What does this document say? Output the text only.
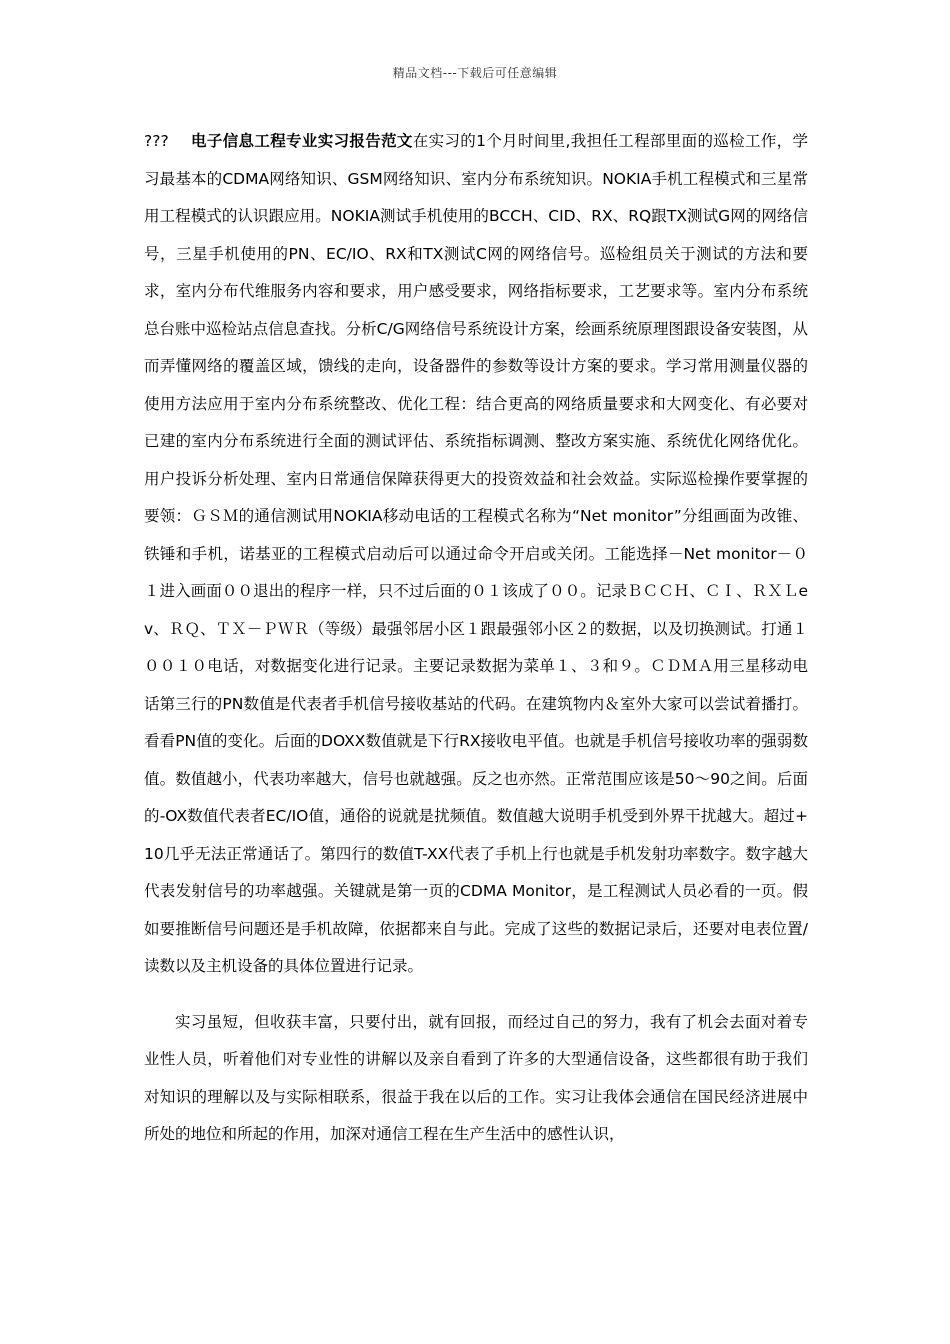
精品文档---下载后可任意编辑

??? 电子信息工程专业实习报告范文在实习的1个月时间里,我担任工程部里面的巡检工作，学习最基本的CDMA网络知识、GSM网络知识、室内分布系统知识。NOKIA手机工程模式和三星常用工程模式的认识跟应用。NOKIA测试手机使用的BCCH、CID、RX、RQ跟TX测试G网的网络信号，三星手机使用的PN、EC/IO、RX和TX测试C网的网络信号。巡检组员关于测试的方法和要求，室内分布代维服务内容和要求，用户感受要求，网络指标要求，工艺要求等。室内分布系统总台账中巡检站点信息查找。分析C/G网络信号系统设计方案，绘画系统原理图跟设备安装图，从而弄懂网络的覆盖区域，馈线的走向，设备器件的参数等设计方案的要求。学习常用测量仪器的使用方法应用于室内分布系统整改、优化工程：结合更高的网络质量要求和大网变化、有必要对已建的室内分布系统进行全面的测试评估、系统指标调测、整改方案实施、系统优化网络优化。用户投诉分析处理、室内日常通信保障获得更大的投资效益和社会效益。实际巡检操作要掌握的要领：ＧＳＭ的通信测试用NOKIA移动电话的工程模式名称为“Net monitor”分组画面为改锥、铁锤和手机，诺基亚的工程模式启动后可以通过命令开启或关闭。工能选择－Net monitor－０１进入画面００退出的程序一样，只不过后面的０１该成了００。记录ＢＣＣＨ、ＣＩ、ＲＸＬev、ＲＱ、ＴＸ－ＰＷＲ（等级）最强邻居小区１跟最强邻小区２的数据，以及切换测试。打通１００１０电话，对数据变化进行记录。主要记录数据为菜单１、３和９。ＣＤＭＡ用三星移动电话第三行的PN数值是代表者手机信号接收基站的代码。在建筑物内＆室外大家可以尝试着播打。看看PN值的变化。后面的DOXX数值就是下行RX接收电平值。也就是手机信号接收功率的强弱数值。数值越小，代表功率越大，信号也就越强。反之也亦然。正常范围应该是50～90之间。后面的-OX数值代表者EC/IO值，通俗的说就是扰频值。数值越大说明手机受到外界干扰越大。超过+10几乎无法正常通话了。第四行的数值T-XX代表了手机上行也就是手机发射功率数字。数字越大代表发射信号的功率越强。关键就是第一页的CDMA Monitor，是工程测试人员必看的一页。假如要推断信号问题还是手机故障，依据都来自与此。完成了这些的数据记录后，还要对电表位置/读数以及主机设备的具体位置进行记录。

实习虽短，但收获丰富，只要付出，就有回报，而经过自己的努力，我有了机会去面对着专业性人员，听着他们对专业性的讲解以及亲自看到了许多的大型通信设备，这些都很有助于我们对知识的理解以及与实际相联系，很益于我在以后的工作。实习让我体会通信在国民经济进展中所处的地位和所起的作用，加深对通信工程在生产生活中的感性认识，
